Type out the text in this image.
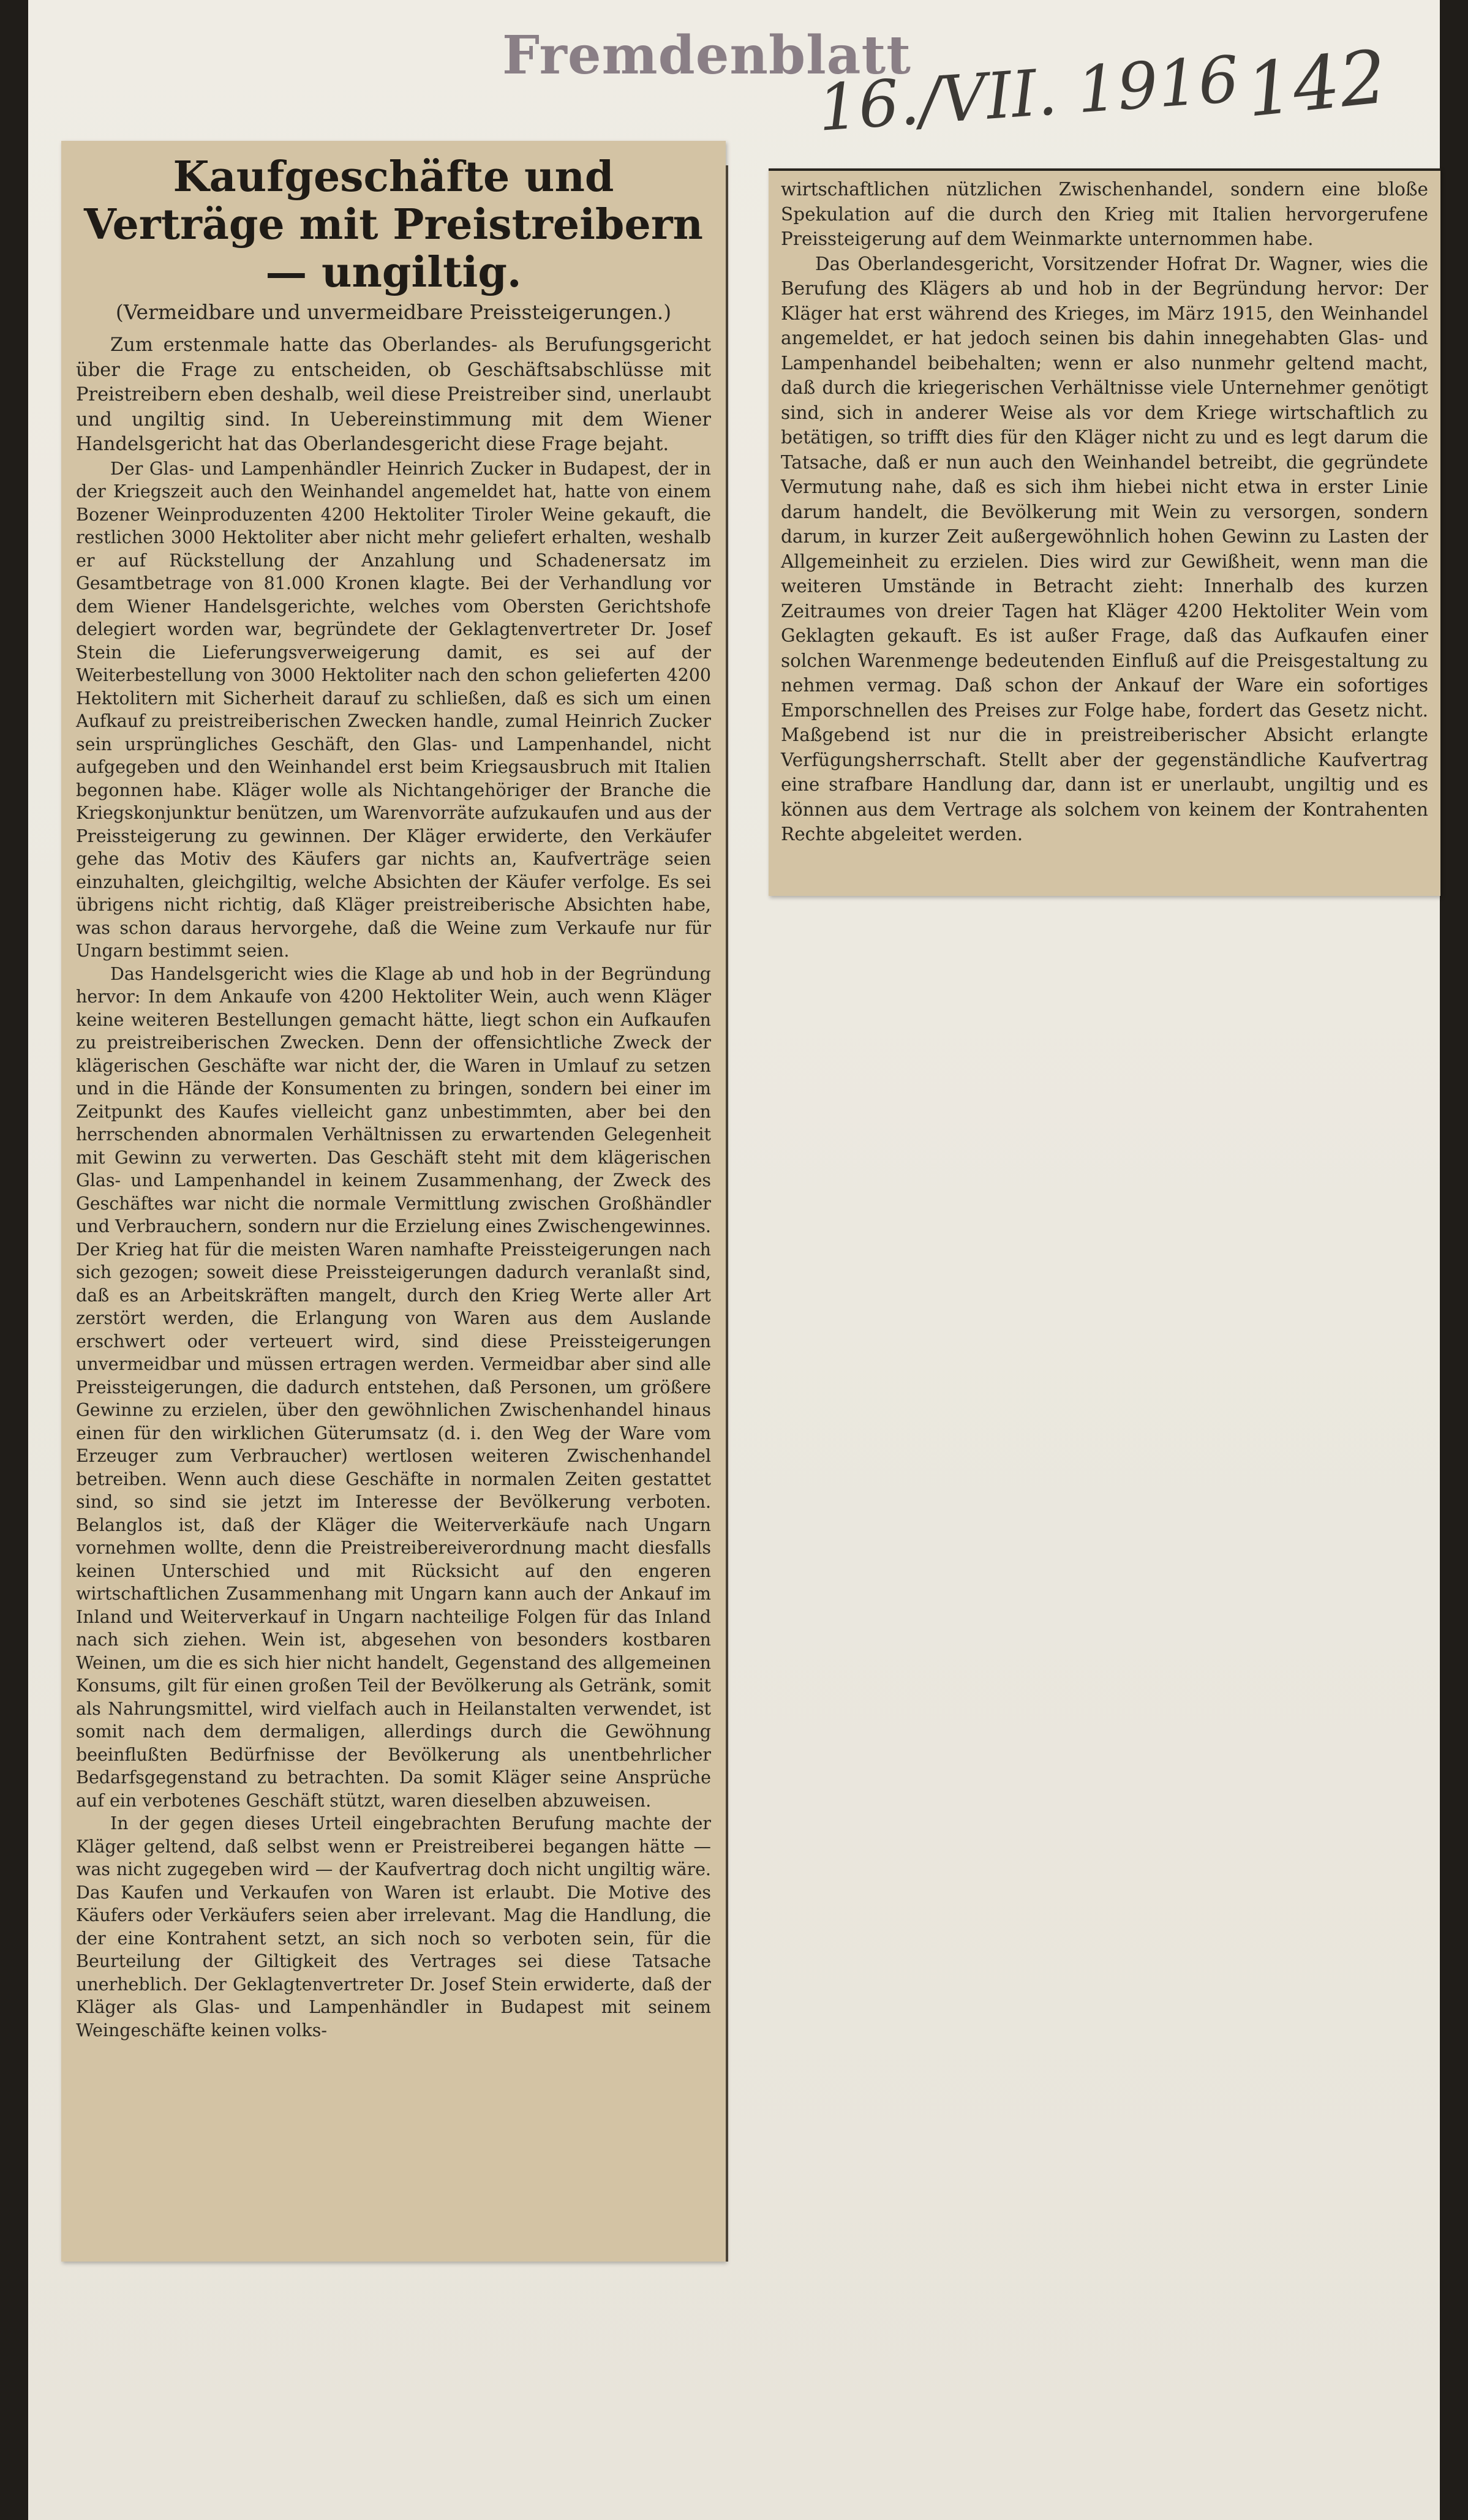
Fremdenblatt
16./VII. 1916 142
Kaufgeschäfte und Verträge mit Preistreibern — ungiltig.
(Vermeidbare und unvermeidbare Preissteigerungen.)

Zum erstenmale hatte das Oberlandes- als Berufungsgericht über die Frage zu entscheiden, ob Geschäftsabschlüsse mit Preistreibern eben deshalb, weil diese Preistreiber sind, unerlaubt und ungiltig sind. In Uebereinstimmung mit dem Wiener Handelsgericht hat das Oberlandesgericht diese Frage bejaht.

Der Glas- und Lampenhändler Heinrich Zucker in Budapest, der in der Kriegszeit auch den Weinhandel angemeldet hat, hatte von einem Bozener Weinproduzenten 4200 Hektoliter Tiroler Weine gekauft, die restlichen 3000 Hektoliter aber nicht mehr geliefert erhalten, weshalb er auf Rückstellung der Anzahlung und Schadenersatz im Gesamtbetrage von 81.000 Kronen klagte. Bei der Verhandlung vor dem Wiener Handelsgerichte, welches vom Obersten Gerichtshofe delegiert worden war, begründete der Geklagtenvertreter Dr. Josef Stein die Lieferungsverweigerung damit, es sei auf der Weiterbestellung von 3000 Hektoliter nach den schon gelieferten 4200 Hektolitern mit Sicherheit darauf zu schließen, daß es sich um einen Aufkauf zu preistreiberischen Zwecken handle, zumal Heinrich Zucker sein ursprüngliches Geschäft, den Glas- und Lampenhandel, nicht aufgegeben und den Weinhandel erst beim Kriegsausbruch mit Italien begonnen habe. Kläger wolle als Nichtangehöriger der Branche die Kriegskonjunktur benützen, um Warenvorräte aufzukaufen und aus der Preissteigerung zu gewinnen. Der Kläger erwiderte, den Verkäufer gehe das Motiv des Käufers gar nichts an, Kaufverträge seien einzuhalten, gleichgiltig, welche Absichten der Käufer verfolge. Es sei übrigens nicht richtig, daß Kläger preistreiberische Absichten habe, was schon daraus hervorgehe, daß die Weine zum Verkaufe nur für Ungarn bestimmt seien.

Das Handelsgericht wies die Klage ab und hob in der Begründung hervor: In dem Ankaufe von 4200 Hektoliter Wein, auch wenn Kläger keine weiteren Bestellungen gemacht hätte, liegt schon ein Aufkaufen zu preistreiberischen Zwecken. Denn der offensichtliche Zweck der klägerischen Geschäfte war nicht der, die Waren in Umlauf zu setzen und in die Hände der Konsumenten zu bringen, sondern bei einer im Zeitpunkt des Kaufes vielleicht ganz unbestimmten, aber bei den herrschenden abnormalen Verhältnissen zu erwartenden Gelegenheit mit Gewinn zu verwerten. Das Geschäft steht mit dem klägerischen Glas- und Lampenhandel in keinem Zusammenhang, der Zweck des Geschäftes war nicht die normale Vermittlung zwischen Großhändler und Verbrauchern, sondern nur die Erzielung eines Zwischengewinnes. Der Krieg hat für die meisten Waren namhafte Preissteigerungen nach sich gezogen; soweit diese Preissteigerungen dadurch veranlaßt sind, daß es an Arbeitskräften mangelt, durch den Krieg Werte aller Art zerstört werden, die Erlangung von Waren aus dem Auslande erschwert oder verteuert wird, sind diese Preissteigerungen unvermeidbar und müssen ertragen werden. Vermeidbar aber sind alle Preissteigerungen, die dadurch entstehen, daß Personen, um größere Gewinne zu erzielen, über den gewöhnlichen Zwischenhandel hinaus einen für den wirklichen Güterumsatz (d. i. den Weg der Ware vom Erzeuger zum Verbraucher) wertlosen weiteren Zwischenhandel betreiben. Wenn auch diese Geschäfte in normalen Zeiten gestattet sind, so sind sie jetzt im Interesse der Bevölkerung verboten. Belanglos ist, daß der Kläger die Weiterverkäufe nach Ungarn vornehmen wollte, denn die Preistreibereiverordnung macht diesfalls keinen Unterschied und mit Rücksicht auf den engeren wirtschaftlichen Zusammenhang mit Ungarn kann auch der Ankauf im Inland und Weiterverkauf in Ungarn nachteilige Folgen für das Inland nach sich ziehen. Wein ist, abgesehen von besonders kostbaren Weinen, um die es sich hier nicht handelt, Gegenstand des allgemeinen Konsums, gilt für einen großen Teil der Bevölkerung als Getränk, somit als Nahrungsmittel, wird vielfach auch in Heilanstalten verwendet, ist somit nach dem dermaligen, allerdings durch die Gewöhnung beeinflußten Bedürfnisse der Bevölkerung als unentbehrlicher Bedarfsgegenstand zu betrachten. Da somit Kläger seine Ansprüche auf ein verbotenes Geschäft stützt, waren dieselben abzuweisen.

In der gegen dieses Urteil eingebrachten Berufung machte der Kläger geltend, daß selbst wenn er Preistreiberei begangen hätte — was nicht zugegeben wird — der Kaufvertrag doch nicht ungiltig wäre. Das Kaufen und Verkaufen von Waren ist erlaubt. Die Motive des Käufers oder Verkäufers seien aber irrelevant. Mag die Handlung, die der eine Kontrahent setzt, an sich noch so verboten sein, für die Beurteilung der Giltigkeit des Vertrages sei diese Tatsache unerheblich. Der Geklagtenvertreter Dr. Josef Stein erwiderte, daß der Kläger als Glas- und Lampenhändler in Budapest mit seinem Weingeschäfte keinen volks-

wirtschaftlichen nützlichen Zwischenhandel, sondern eine bloße Spekulation auf die durch den Krieg mit Italien hervorgerufene Preissteigerung auf dem Weinmarkte unternommen habe.

Das Oberlandesgericht, Vorsitzender Hofrat Dr. Wagner, wies die Berufung des Klägers ab und hob in der Begründung hervor: Der Kläger hat erst während des Krieges, im März 1915, den Weinhandel angemeldet, er hat jedoch seinen bis dahin innegehabten Glas- und Lampenhandel beibehalten; wenn er also nunmehr geltend macht, daß durch die kriegerischen Verhältnisse viele Unternehmer genötigt sind, sich in anderer Weise als vor dem Kriege wirtschaftlich zu betätigen, so trifft dies für den Kläger nicht zu und es legt darum die Tatsache, daß er nun auch den Weinhandel betreibt, die gegründete Vermutung nahe, daß es sich ihm hiebei nicht etwa in erster Linie darum handelt, die Bevölkerung mit Wein zu versorgen, sondern darum, in kurzer Zeit außergewöhnlich hohen Gewinn zu Lasten der Allgemeinheit zu erzielen. Dies wird zur Gewißheit, wenn man die weiteren Umstände in Betracht zieht: Innerhalb des kurzen Zeitraumes von dreier Tagen hat Kläger 4200 Hektoliter Wein vom Geklagten gekauft. Es ist außer Frage, daß das Aufkaufen einer solchen Warenmenge bedeutenden Einfluß auf die Preisgestaltung zu nehmen vermag. Daß schon der Ankauf der Ware ein sofortiges Emporschnellen des Preises zur Folge habe, fordert das Gesetz nicht. Maßgebend ist nur die in preistreiberischer Absicht erlangte Verfügungsherrschaft. Stellt aber der gegenständliche Kaufvertrag eine strafbare Handlung dar, dann ist er unerlaubt, ungiltig und es können aus dem Vertrage als solchem von keinem der Kontrahenten Rechte abgeleitet werden.
